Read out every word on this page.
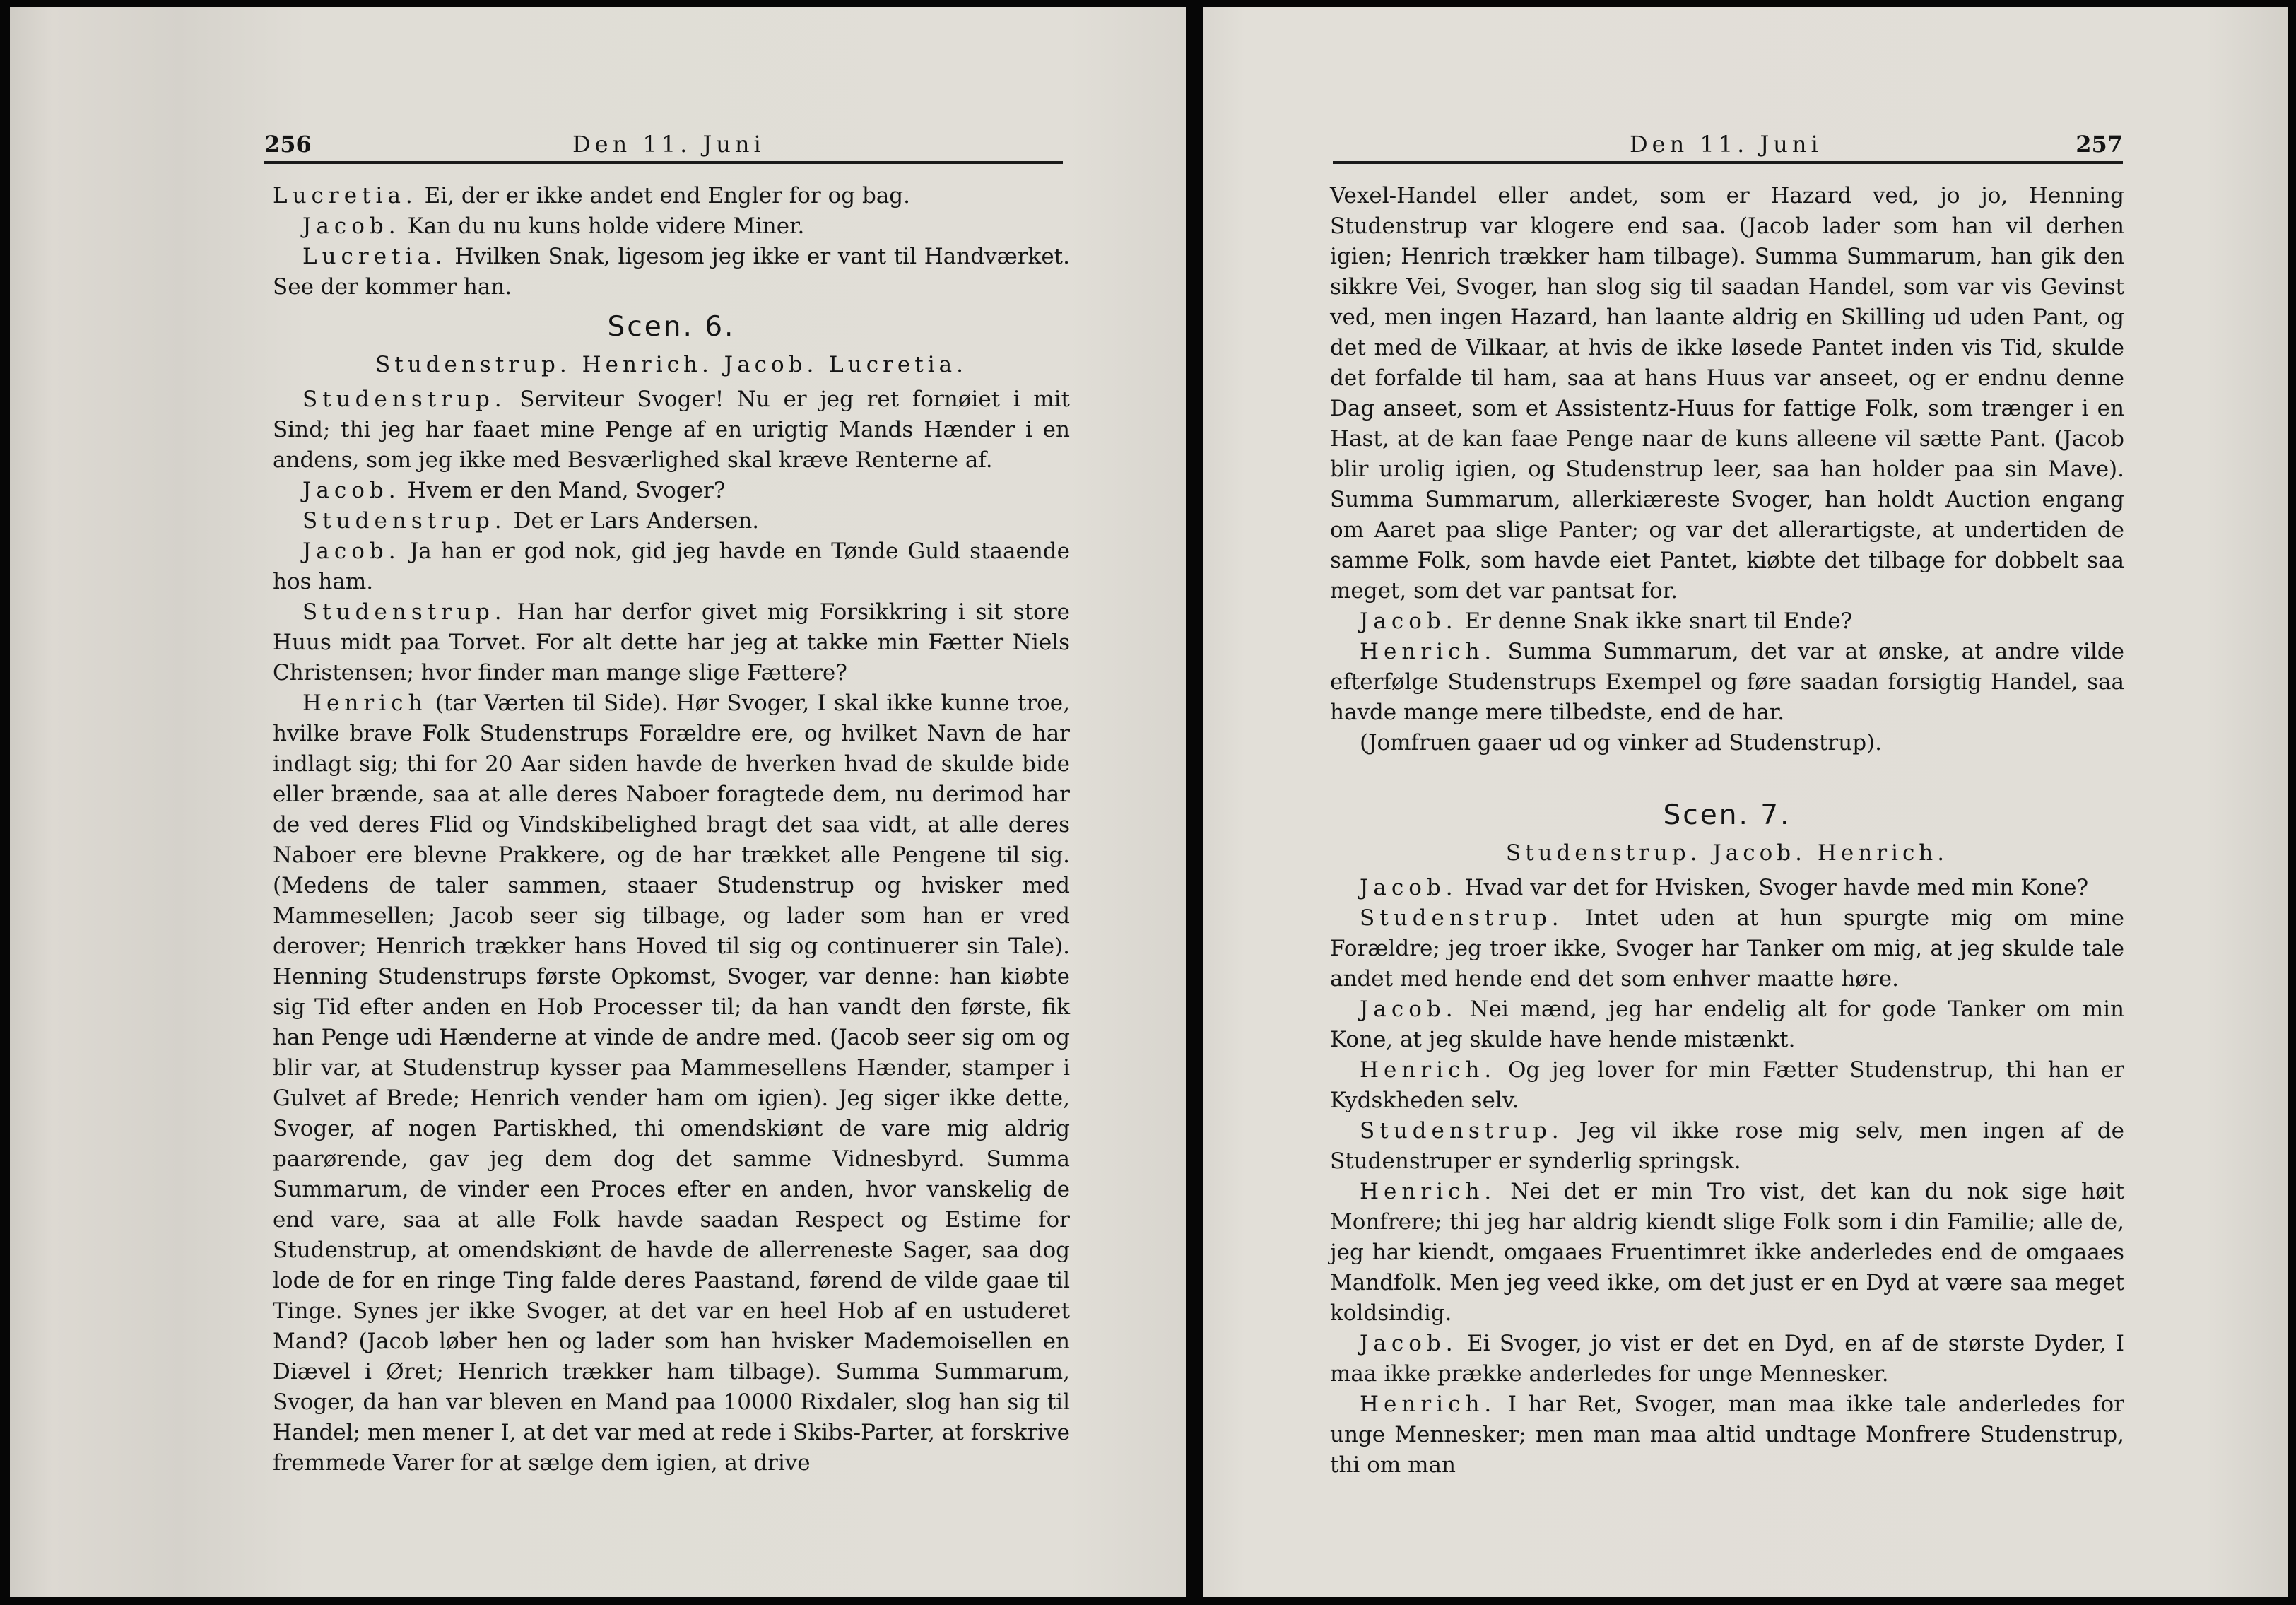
256	Den 11. Juni

Lucretia. Ei, der er ikke andet end Engler for og bag.

Jacob. Kan du nu kuns holde videre Miner.

Lucretia. Hvilken Snak, ligesom jeg ikke er vant til Handværket. See der kommer han.

Scen. 6.

Studenstrup. Henrich. Jacob. Lucretia.

Studenstrup. Serviteur Svoger! Nu er jeg ret fornøiet i mit Sind; thi jeg har faaet mine Penge af en urigtig Mands Hænder i en andens, som jeg ikke med Besværlighed skal kræve Renterne af.

Jacob. Hvem er den Mand, Svoger?

Studenstrup. Det er Lars Andersen.

Jacob. Ja han er god nok, gid jeg havde en Tønde Guld staaende hos ham.

Studenstrup. Han har derfor givet mig Forsikkring i sit store Huus midt paa Torvet. For alt dette har jeg at takke min Fætter Niels Christensen; hvor finder man mange slige Fættere?

Henrich (tar Værten til Side). Hør Svoger, I skal ikke kunne troe, hvilke brave Folk Studenstrups Forældre ere, og hvilket Navn de har indlagt sig; thi for 20 Aar siden havde de hverken hvad de skulde bide eller brænde, saa at alle deres Naboer foragtede dem, nu derimod har de ved deres Flid og Vindskibelighed bragt det saa vidt, at alle deres Naboer ere blevne Prakkere, og de har trækket alle Pengene til sig. (Medens de taler sammen, staaer Studenstrup og hvisker med Mammesellen; Jacob seer sig tilbage, og lader som han er vred derover; Henrich trækker hans Hoved til sig og continuerer sin Tale). Henning Studenstrups første Opkomst, Svoger, var denne: han kiøbte sig Tid efter anden en Hob Processer til; da han vandt den første, fik han Penge udi Hænderne at vinde de andre med. (Jacob seer sig om og blir var, at Studenstrup kysser paa Mammesellens Hænder, stamper i Gulvet af Brede; Henrich vender ham om igien). Jeg siger ikke dette, Svoger, af nogen Partiskhed, thi omendskiønt de vare mig aldrig paarørende, gav jeg dem dog det samme Vidnesbyrd. Summa Summarum, de vinder een Proces efter en anden, hvor vanskelig de end vare, saa at alle Folk havde saadan Respect og Estime for Studenstrup, at omendskiønt de havde de allerreneste Sager, saa dog lode de for en ringe Ting falde deres Paastand, førend de vilde gaae til Tinge. Synes jer ikke Svoger, at det var en heel Hob af en ustuderet Mand? (Jacob løber hen og lader som han hvisker Mademoisellen en Diævel i Øret; Henrich trækker ham tilbage). Summa Summarum, Svoger, da han var bleven en Mand paa 10000 Rixdaler, slog han sig til Handel; men mener I, at det var med at rede i Skibs-Parter, at forskrive fremmede Varer for at sælge dem igien, at drive

Den 11. Juni	257

Vexel-Handel eller andet, som er Hazard ved, jo jo, Henning Studenstrup var klogere end saa. (Jacob lader som han vil derhen igien; Henrich trækker ham tilbage). Summa Summarum, han gik den sikkre Vei, Svoger, han slog sig til saadan Handel, som var vis Gevinst ved, men ingen Hazard, han laante aldrig en Skilling ud uden Pant, og det med de Vilkaar, at hvis de ikke løsede Pantet inden vis Tid, skulde det forfalde til ham, saa at hans Huus var anseet, og er endnu denne Dag anseet, som et Assistentz-Huus for fattige Folk, som trænger i en Hast, at de kan faae Penge naar de kuns alleene vil sætte Pant. (Jacob blir urolig igien, og Studenstrup leer, saa han holder paa sin Mave). Summa Summarum, allerkiæreste Svoger, han holdt Auction engang om Aaret paa slige Panter; og var det allerartigste, at undertiden de samme Folk, som havde eiet Pantet, kiøbte det tilbage for dobbelt saa meget, som det var pantsat for.

Jacob. Er denne Snak ikke snart til Ende?

Henrich. Summa Summarum, det var at ønske, at andre vilde efterfølge Studenstrups Exempel og føre saadan forsigtig Handel, saa havde mange mere tilbedste, end de har.

(Jomfruen gaaer ud og vinker ad Studenstrup).

Scen. 7.

Studenstrup. Jacob. Henrich.

Jacob. Hvad var det for Hvisken, Svoger havde med min Kone?

Studenstrup. Intet uden at hun spurgte mig om mine Forældre; jeg troer ikke, Svoger har Tanker om mig, at jeg skulde tale andet med hende end det som enhver maatte høre.

Jacob. Nei mænd, jeg har endelig alt for gode Tanker om min Kone, at jeg skulde have hende mistænkt.

Henrich. Og jeg lover for min Fætter Studenstrup, thi han er Kydskheden selv.

Studenstrup. Jeg vil ikke rose mig selv, men ingen af de Studenstruper er synderlig springsk.

Henrich. Nei det er min Tro vist, det kan du nok sige høit Monfrere; thi jeg har aldrig kiendt slige Folk som i din Familie; alle de, jeg har kiendt, omgaaes Fruentimret ikke anderledes end de omgaaes Mandfolk. Men jeg veed ikke, om det just er en Dyd at være saa meget koldsindig.

Jacob. Ei Svoger, jo vist er det en Dyd, en af de største Dyder, I maa ikke prække anderledes for unge Mennesker.

Henrich. I har Ret, Svoger, man maa ikke tale anderledes for unge Mennesker; men man maa altid undtage Monfrere Studenstrup, thi om man
